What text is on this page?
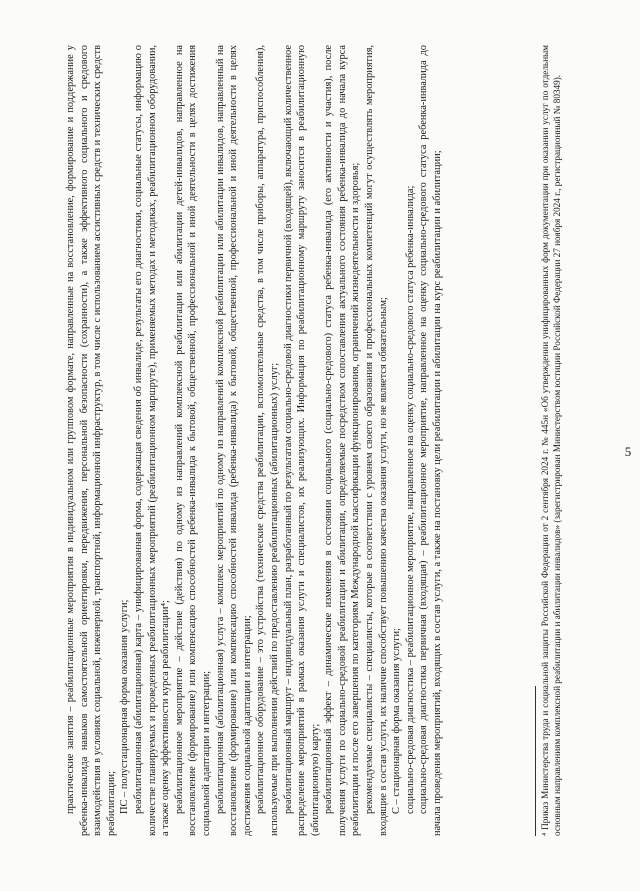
5

практические занятия – реабилитационные мероприятия в индивидуальном или групповом формате, направленные на восстановление, формирование и поддержание у ребенка-инвалида навыков самостоятельной ориентировки, передвижения, персональной безопасности (сохранности), а также эффективного социального и средового взаимодействия в условиях социальной, инженерной, транспортной, информационной инфраструктур, в том числе с использованием ассистивных средств и технических средств реабилитации; ПС – полустационарная форма оказания услуги; реабилитационная (абилитационная) карта – унифицированная форма, содержащая сведения об инвалиде, результаты его диагностики, социальные статусы, информацию о количестве планируемых и проведенных реабилитационных мероприятий (реабилитационном маршруте), применяемых методах и методиках, реабилитационном оборудовании, а также оценку эффективности курса реабилитации⁴; реабилитационное мероприятие – действие (действия) по одному из направлений комплексной реабилитации или абилитации детей-инвалидов, направленное на восстановление (формирование) или компенсацию способностей ребенка-инвалида к бытовой, общественной, профессиональной и иной деятельности в целях достижения социальной адаптации и интеграции; реабилитационная (абилитационная) услуга – комплекс мероприятий по одному из направлений комплексной реабилитации или абилитации инвалидов, направленный на восстановление (формирование) или компенсацию способностей инвалида (ребенка-инвалида) к бытовой, общественной, профессиональной и иной деятельности в целях достижения социальной адаптации и интеграции; реабилитационное оборудование – это устройства (технические средства реабилитации, вспомогательные средства, в том числе приборы, аппаратура, приспособления), используемые при выполнении действий по предоставлению реабилитационных (абилитационных) услуг; реабилитационный маршрут – индивидуальный план, разработанный по результатам социально-средовой диагностики первичной (входящей), включающий количественное распределение мероприятий в рамках оказания услуги и специалистов, их реализующих. Информация по реабилитационному маршруту заносится в реабилитационную (абилитационную) карту; реабилитационный эффект – динамические изменения в состоянии социального (социально-средового) статуса ребенка-инвалида (его активности и участия), после получения услуги по социально-средовой реабилитации и абилитации, определяемые посредством сопоставления актуального состояния ребенка-инвалида до начала курса реабилитации и после его завершения по категориям Международной классификации функционирования, ограничений жизнедеятельности и здоровья; рекомендуемые специалисты – специалисты, которые в соответствии с уровнем своего образования и профессиональных компетенций могут осуществлять мероприятия, входящие в состав услуги, их наличие способствует повышению качества оказания услуги, но не является обязательным; С – стационарная форма оказания услуги; социально-средовая диагностика – реабилитационное мероприятие, направленное на оценку социально-средового статуса ребенка-инвалида; социально-средовая диагностика первичная (входящая) – реабилитационное мероприятие, направленное на оценку социально-средового статуса ребенка-инвалида до начала проведения мероприятий, входящих в состав услуги, а также на постановку цели реабилитации и абилитации на курс реабилитации и абилитации;	⁴ Приказ Министерства труда и социальной защиты Российской Федерации от 2 сентября 2024 г. № 445н «Об утверждении унифицированных форм документации при оказании услуг по отдельным основным направлениям комплексной реабилитации и абилитации инвалидов» (зарегистрирован Министерством юстиции Российской Федерации 27 ноября 2024 г., регистрационный № 80349).
